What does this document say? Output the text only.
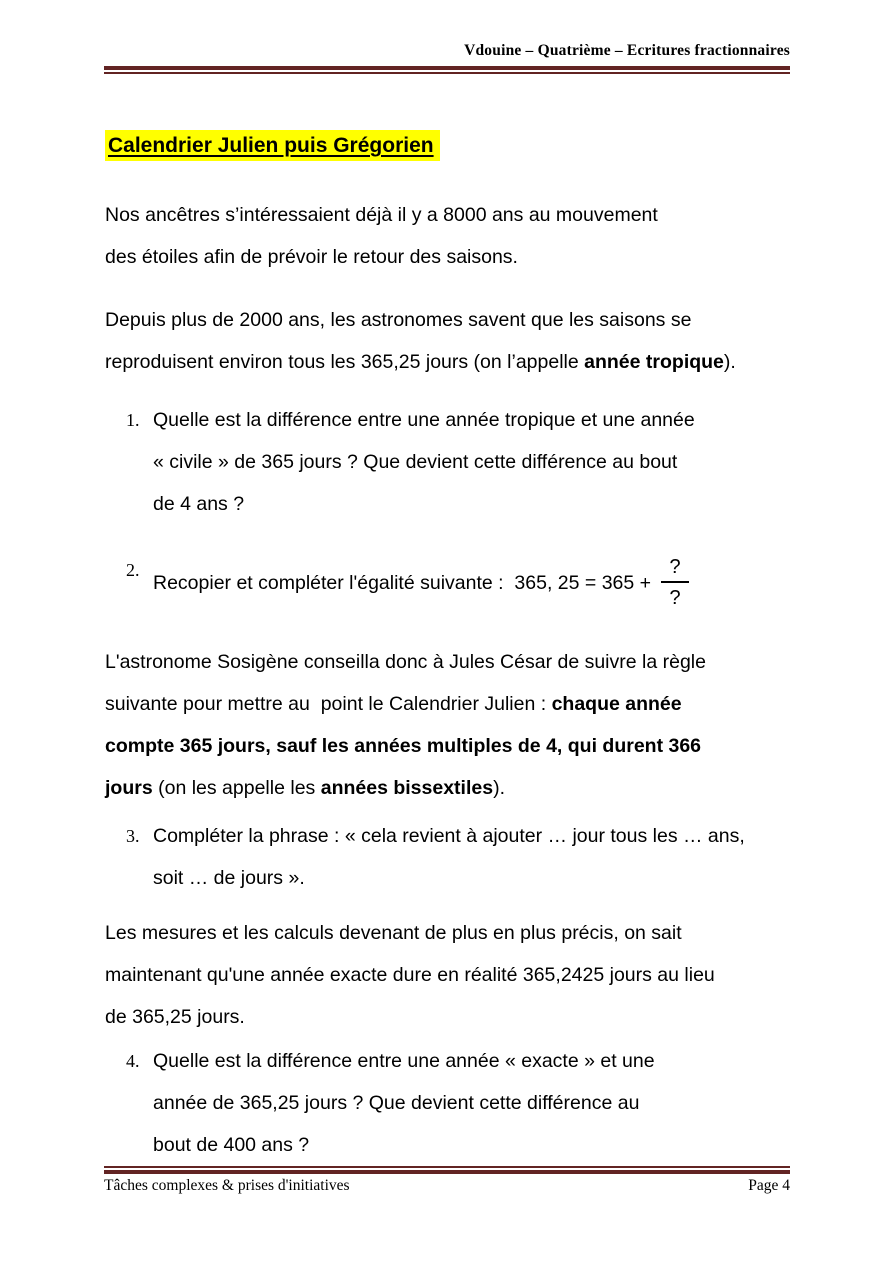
Vdouine – Quatrième – Ecritures fractionnaires
Calendrier Julien puis Grégorien
Nos ancêtres s’intéressaient déjà il y a 8000 ans au mouvement
des étoiles afin de prévoir le retour des saisons.
Depuis plus de 2000 ans, les astronomes savent que les saisons se
reproduisent environ tous les 365,25 jours (on l’appelle année tropique).
1. Quelle est la différence entre une année tropique et une année
« civile » de 365 jours ? Que devient cette différence au bout
de 4 ans ?
2.
Recopier et compléter l'égalité suivante :  365, $25 = 365 + \frac{?}{?}$
L'astronome Sosigène conseilla donc à Jules César de suivre la règle
suivante pour mettre au  point le Calendrier Julien : chaque année
compte 365 jours, sauf les années multiples de 4, qui durent 366
jours (on les appelle les années bissextiles).
3. Compléter la phrase : « cela revient à ajouter … jour tous les … ans,
soit … de jours ».
Les mesures et les calculs devenant de plus en plus précis, on sait
maintenant qu'une année exacte dure en réalité 365,2425 jours au lieu
de 365,25 jours.
4. Quelle est la différence entre une année « exacte » et une
année de 365,25 jours ? Que devient cette différence au
bout de 400 ans ?
Tâches complexes & prises d'initiatives	Page 4
